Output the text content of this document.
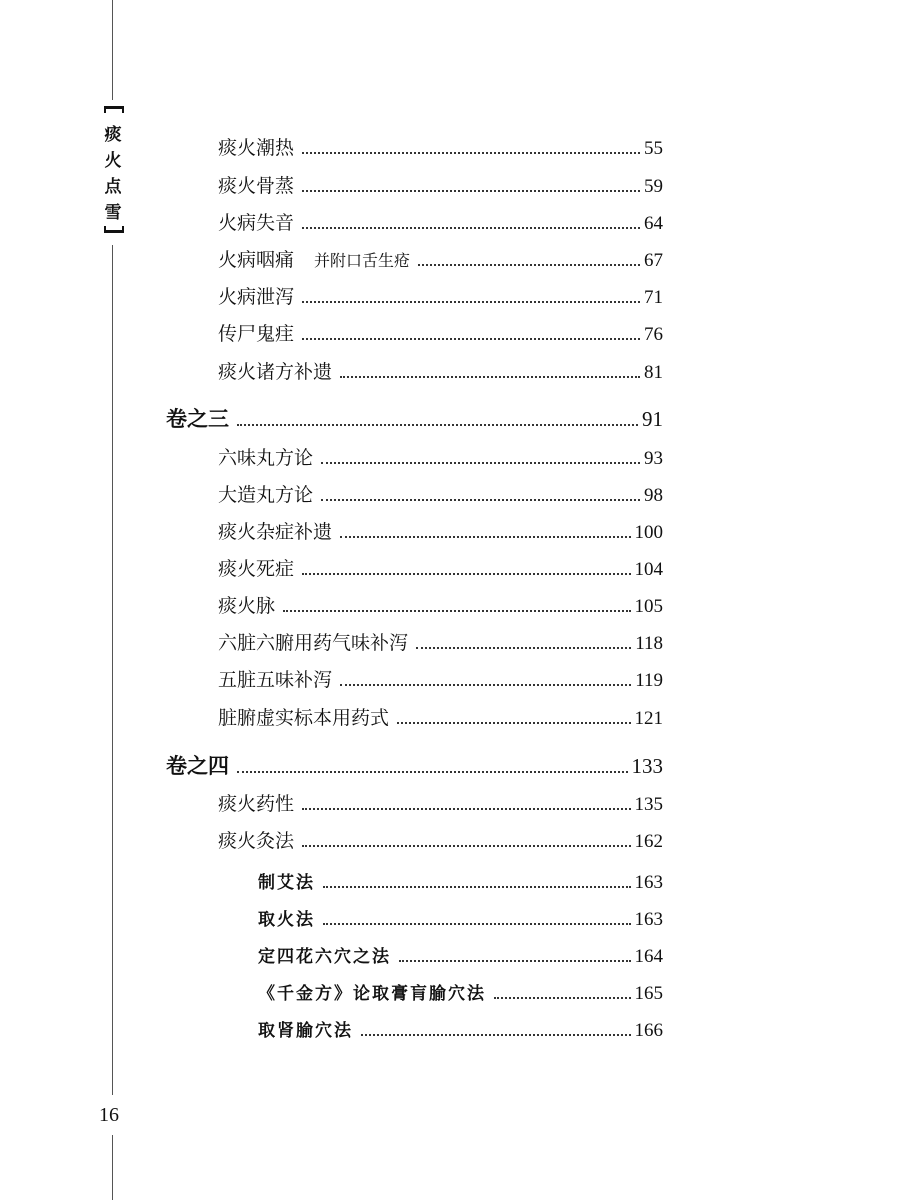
痰
火
点
雪
16
痰火潮热	55
痰火骨蒸	59
火病失音	64
火病咽痛 并附口舌生疮	67
火病泄泻	71
传尸鬼疰	76
痰火诸方补遗	81
卷之三	91
六味丸方论	93
大造丸方论	98
痰火杂症补遗	100
痰火死症	104
痰火脉	105
六脏六腑用药气味补泻	118
五脏五味补泻	119
脏腑虚实标本用药式	121
卷之四	133
痰火药性	135
痰火灸法	162
制艾法	163
取火法	163
定四花六穴之法	164
《千金方》论取膏肓腧穴法	165
取肾腧穴法	166
